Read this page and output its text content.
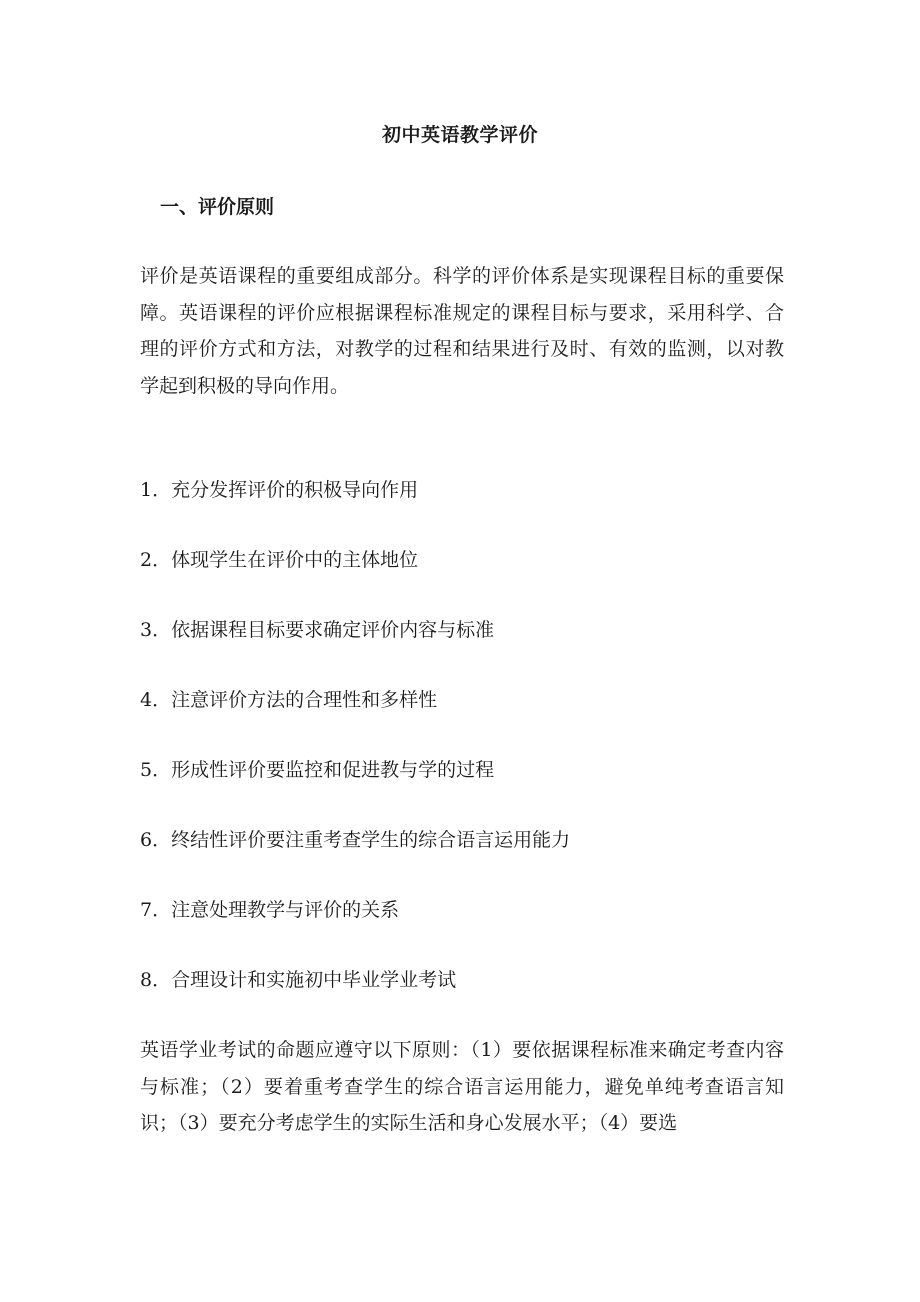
初中英语教学评价
一、评价原则
评价是英语课程的重要组成部分。科学的评价体系是实现课程目标的重要保障。英语课程的评价应根据课程标准规定的课程目标与要求，采用科学、合理的评价方式和方法，对教学的过程和结果进行及时、有效的监测，以对教学起到积极的导向作用。
1．充分发挥评价的积极导向作用
2．体现学生在评价中的主体地位
3．依据课程目标要求确定评价内容与标准
4．注意评价方法的合理性和多样性
5．形成性评价要监控和促进教与学的过程
6．终结性评价要注重考查学生的综合语言运用能力
7．注意处理教学与评价的关系
8．合理设计和实施初中毕业学业考试
英语学业考试的命题应遵守以下原则：（1）要依据课程标准来确定考查内容与标准；（2）要着重考查学生的综合语言运用能力，避免单纯考查语言知识；（3）要充分考虑学生的实际生活和身心发展水平；（4）要选
